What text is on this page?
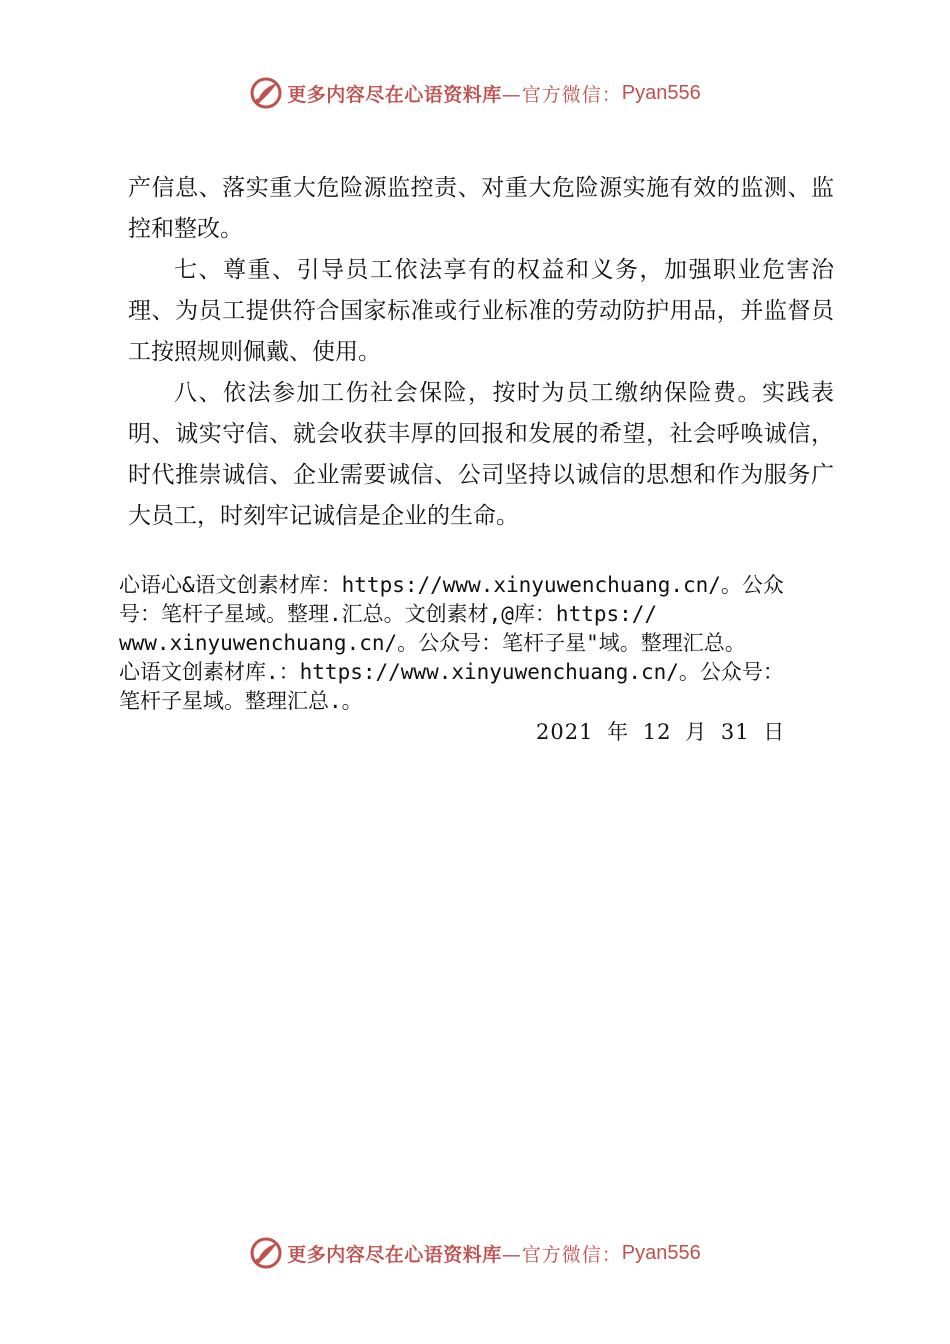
更多内容尽在心语资料库 —官方微信： Pyan556

产信息、落实重大危险源监控责、对重大危险源实施有效的监测、监控和整改。

七、尊重、引导员工依法享有的权益和义务，加强职业危害治理、为员工提供符合国家标准或行业标准的劳动防护用品，并监督员工按照规则佩戴、使用。

八、依法参加工伤社会保险，按时为员工缴纳保险费。实践表明、诚实守信、就会收获丰厚的回报和发展的希望，社会呼唤诚信，时代推崇诚信、企业需要诚信、公司坚持以诚信的思想和作为服务广大员工，时刻牢记诚信是企业的生命。

心语心&语文创素材库：https://www.xinyuwenchuang.cn/。公众
号：笔杆子星域。整理.汇总。文创素材,@库：https://
www.xinyuwenchuang.cn/。公众号：笔杆子星"域。整理汇总。
心语文创素材库.：https://www.xinyuwenchuang.cn/。公众号：
笔杆子星域。整理汇总.。
2021 年 12 月 31 日
更多内容尽在心语资料库 —官方微信： Pyan556
